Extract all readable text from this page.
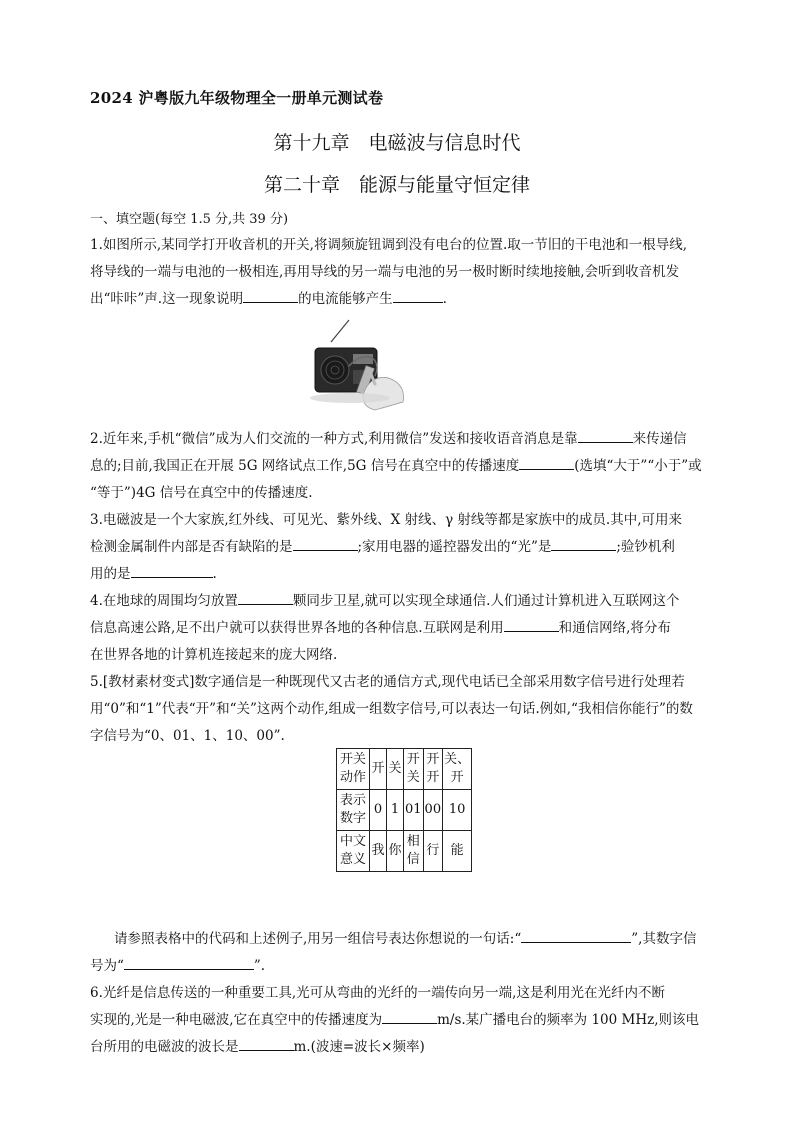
2024 沪粤版九年级物理全一册单元测试卷
第十九章　电磁波与信息时代
第二十章　能源与能量守恒定律
一、填空题(每空 1.5 分,共 39 分)
1.如图所示,某同学打开收音机的开关,将调频旋钮调到没有电台的位置.取一节旧的干电池和一根导线,
将导线的一端与电池的一极相连,再用导线的另一端与电池的另一极时断时续地接触,会听到收音机发
出“咔咔”声.这一现象说明	的电流能够产生	.
2.近年来,手机“微信”成为人们交流的一种方式,利用微信”发送和接收语音消息是靠	来传递信
息的;目前,我国正在开展 5G 网络试点工作,5G 信号在真空中的传播速度	(选填“大于”“小于”或
“等于”)4G 信号在真空中的传播速度.
3.电磁波是一个大家族,红外线、可见光、紫外线、X 射线、γ 射线等都是家族中的成员.其中,可用来
检测金属制件内部是否有缺陷的是	;家用电器的遥控器发出的“光”是	;验钞机利
用的是	.
4.在地球的周围均匀放置	颗同步卫星,就可以实现全球通信.人们通过计算机进入互联网这个
信息高速公路,足不出户就可以获得世界各地的各种信息.互联网是利用	和通信网络,将分布
在世界各地的计算机连接起来的庞大网络.
5.[教材素材变式]数字通信是一种既现代又古老的通信方式,现代电话已全部采用数字信号进行处理若
用“0”和“1”代表“开”和“关”这两个动作,组成一组数字信号,可以表达一句话.例如,“我相信你能行”的数
字信号为“0、01、1、10、00”.
开关动作	开	关	开关	开开	关、开
表示数字	0	1	01	00	10
中文意义	我	你	相信	行	能
请参照表格中的代码和上述例子,用另一组信号表达你想说的一句话:“	”,其数字信
号为“	”.
6.光纤是信息传送的一种重要工具,光可从弯曲的光纤的一端传向另一端,这是利用光在光纤内不断
实现的,光是一种电磁波,它在真空中的传播速度为	m/s.某广播电台的频率为 100 MHz,则该电
台所用的电磁波的波长是	m.(波速=波长×频率)
